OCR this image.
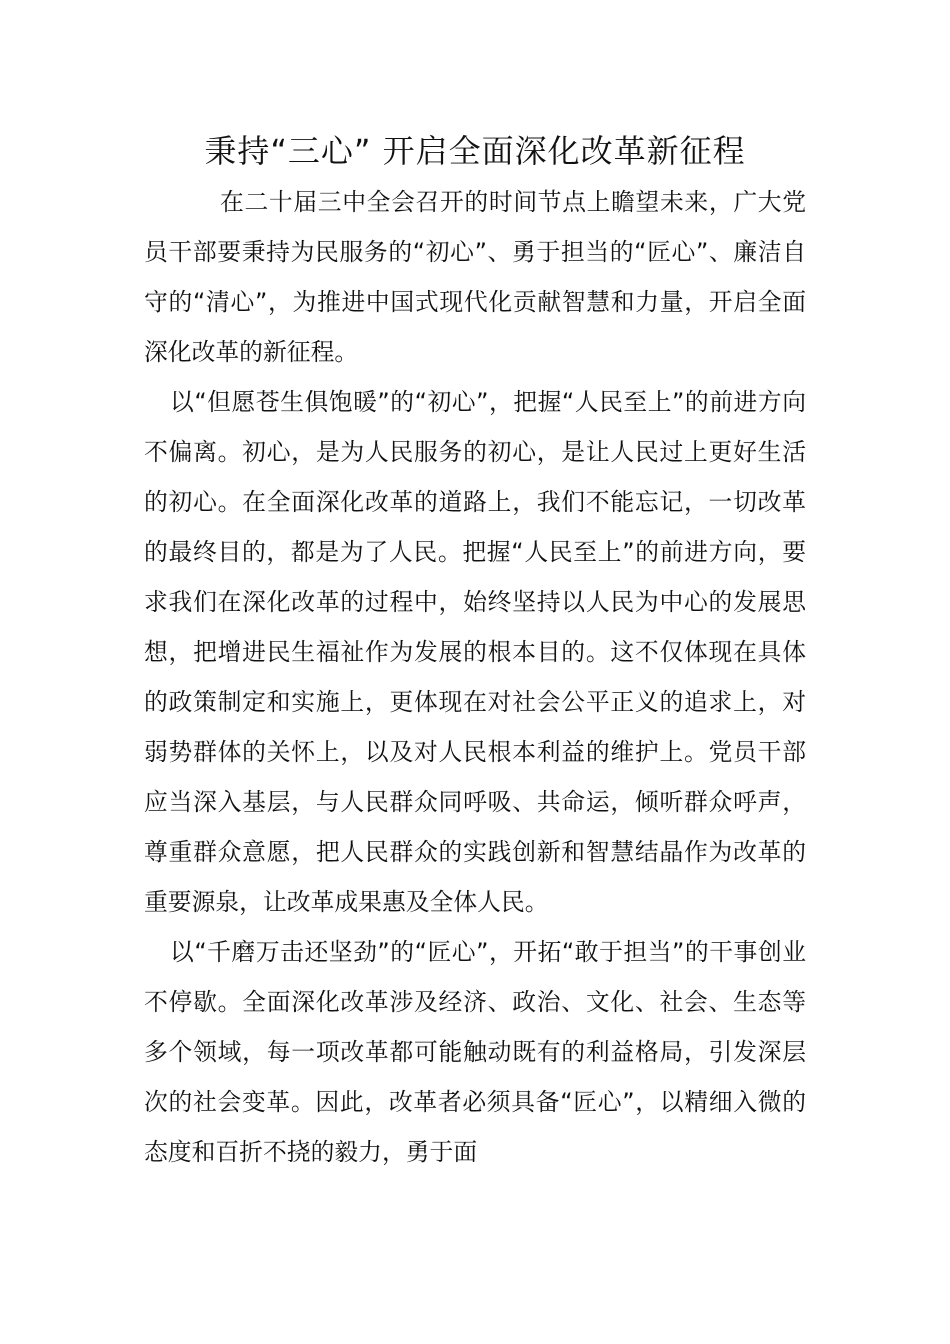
秉持“三心” 开启全面深化改革新征程

在二十届三中全会召开的时间节点上瞻望未来，广大党员干部要秉持为民服务的“初心”、勇于担当的“匠心”、廉洁自守的“清心”，为推进中国式现代化贡献智慧和力量，开启全面深化改革的新征程。

以“但愿苍生俱饱暖”的“初心”，把握“人民至上”的前进方向不偏离。初心，是为人民服务的初心，是让人民过上更好生活的初心。在全面深化改革的道路上，我们不能忘记，一切改革的最终目的，都是为了人民。把握“人民至上”的前进方向，要求我们在深化改革的过程中，始终坚持以人民为中心的发展思想，把增进民生福祉作为发展的根本目的。这不仅体现在具体的政策制定和实施上，更体现在对社会公平正义的追求上，对弱势群体的关怀上，以及对人民根本利益的维护上。党员干部应当深入基层，与人民群众同呼吸、共命运，倾听群众呼声，尊重群众意愿，把人民群众的实践创新和智慧结晶作为改革的重要源泉，让改革成果惠及全体人民。

以“千磨万击还坚劲”的“匠心”，开拓“敢于担当”的干事创业不停歇。全面深化改革涉及经济、政治、文化、社会、生态等多个领域，每一项改革都可能触动既有的利益格局，引发深层次的社会变革。因此，改革者必须具备“匠心”，以精细入微的态度和百折不挠的毅力，勇于面
